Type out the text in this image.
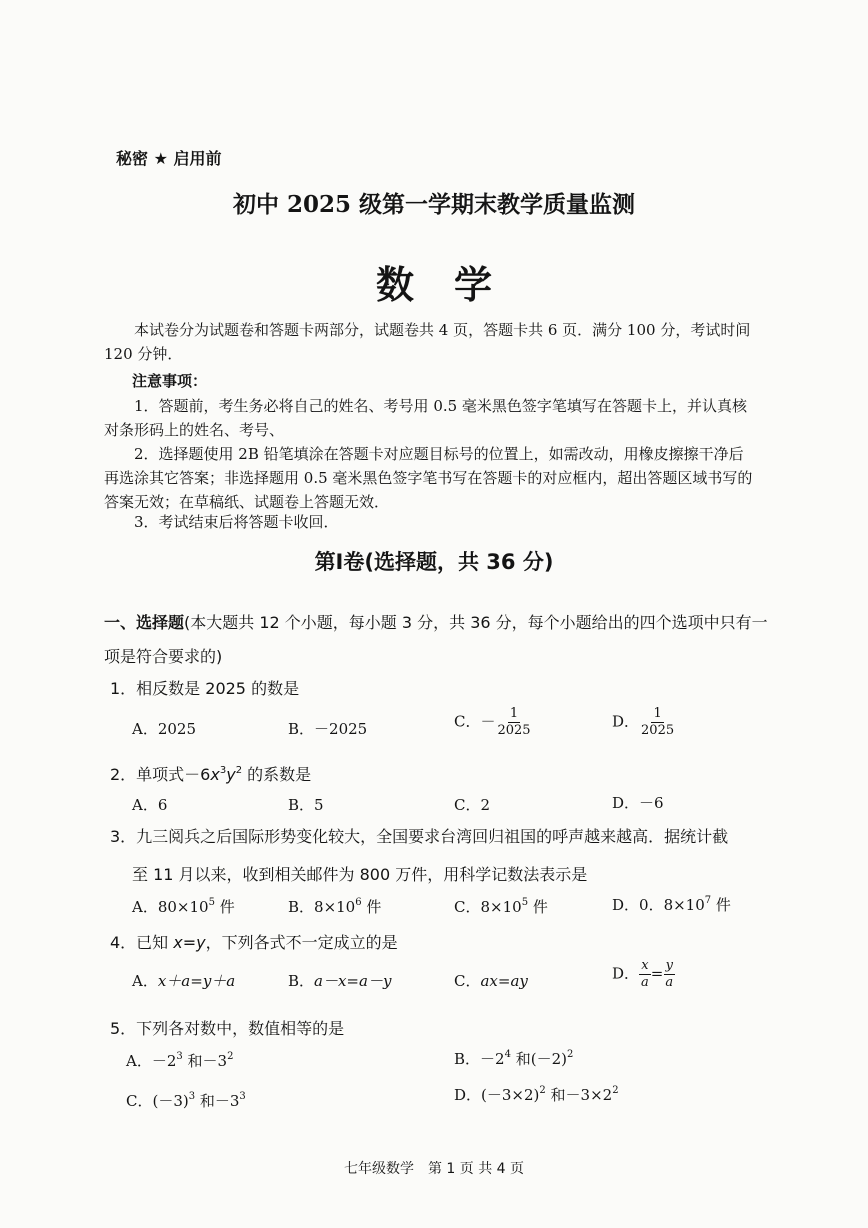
秘密 ★ 启用前
初中 2025 级第一学期末教学质量监测
数学
本试卷分为试题卷和答题卡两部分，试题卷共 4 页，答题卡共 6 页．满分 100 分，考试时间 120 分钟．
注意事项：
1．答题前，考生务必将自己的姓名、考号用 0.5 毫米黑色签字笔填写在答题卡上，并认真核对条形码上的姓名、考号、
2．选择题使用 2B 铅笔填涂在答题卡对应题目标号的位置上，如需改动，用橡皮擦擦干净后再选涂其它答案；非选择题用 0.5 毫米黑色签字笔书写在答题卡的对应框内，超出答题区域书写的答案无效；在草稿纸、试题卷上答题无效．
3．考试结束后将答题卡收回．
第Ⅰ卷(选择题，共 36 分)
一、选择题(本大题共 12 个小题，每小题 3 分，共 36 分，每个小题给出的四个选项中只有一项是符合要求的)
1．相反数是 2025 的数是
A．2025	B．－2025	C．－ $\frac{1}{2025}$	D． $\frac{1}{2025}$
2．单项式$-6x^3y^2$ 的系数是
A．6	B．5	C．2	D．－6
3．九三阅兵之后国际形势变化较大，全国要求台湾回归祖国的呼声越来越高．据统计截
至 11 月以来，收到相关邮件为 800 万件，用科学记数法表示是
A．$80\times 10^5$ 件	B．$8\times 10^6$ 件	C．$8\times 10^5$ 件	D．0．$8\times 10^7$ 件
4．已知 x=y，下列各式不一定成立的是
A．x＋a=y＋a	B．a－x=a－y	C．ax=ay	D． $\frac{x}{a} = \frac{y}{a}$
5．下列各对数中，数值相等的是
A．$-2^3$ 和$-3^2$	B．$-2^4$ 和$(-2)^2$
C．$(-3)^3$ 和$-3^3$	D．$(-3\times 2)^2$ 和$-3\times 2^2$
七年级数学　第 1 页 共 4 页
